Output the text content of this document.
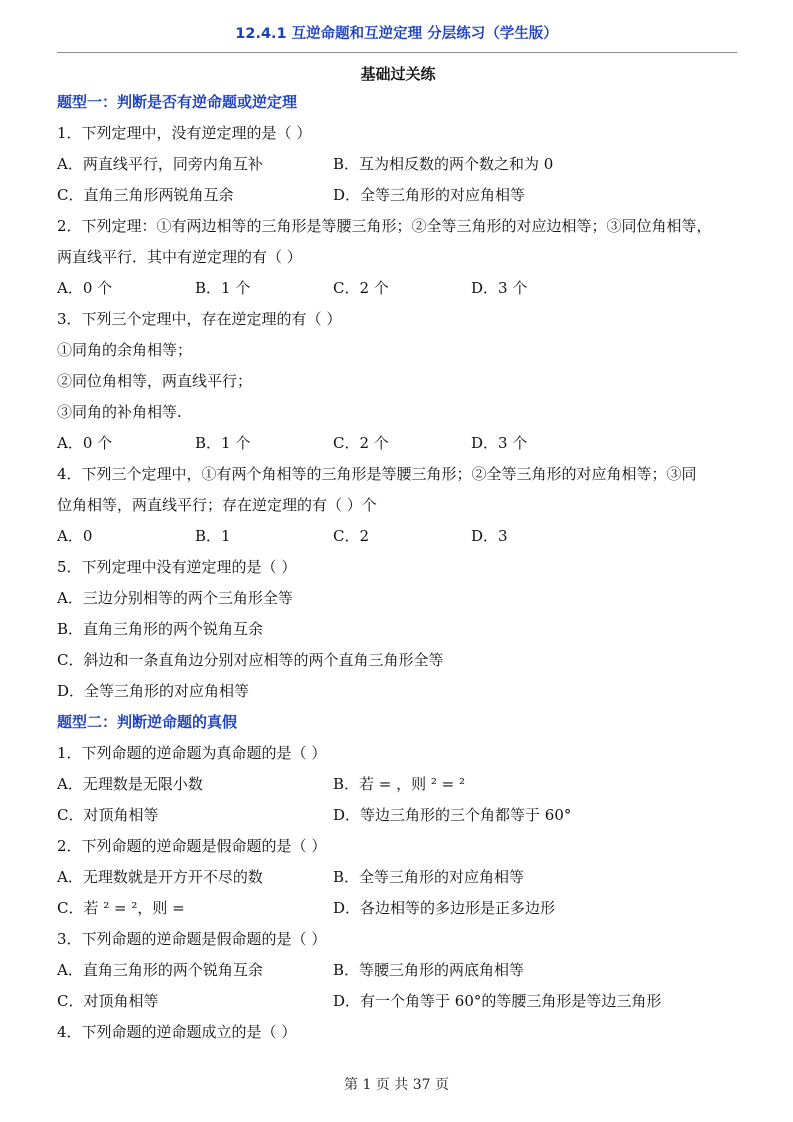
12.4.1 互逆命题和互逆定理 分层练习（学生版）
基础过关练
题型一：判断是否有逆命题或逆定理
1．下列定理中，没有逆定理的是（ ）
A．两直线平行，同旁内角互补	B．互为相反数的两个数之和为 0
C．直角三角形两锐角互余	D．全等三角形的对应角相等
2．下列定理：①有两边相等的三角形是等腰三角形；②全等三角形的对应边相等；③同位角相等，
两直线平行．其中有逆定理的有（ ）
A．0 个	B．1 个	C．2 个	D．3 个
3．下列三个定理中，存在逆定理的有（ ）
①同角的余角相等；
②同位角相等，两直线平行；
③同角的补角相等.
A．0 个	B．1 个	C．2 个	D．3 个
4．下列三个定理中，①有两个角相等的三角形是等腰三角形；②全等三角形的对应角相等；③同
位角相等，两直线平行；存在逆定理的有（ ）个
A．0	B．1	C．2	D．3
5．下列定理中没有逆定理的是（ ）
A．三边分别相等的两个三角形全等
B．直角三角形的两个锐角互余
C．斜边和一条直角边分别对应相等的两个直角三角形全等
D．全等三角形的对应角相等
题型二：判断逆命题的真假
1．下列命题的逆命题为真命题的是（ ）
A．无理数是无限小数	B．若 = ，则 ² = ²
C．对顶角相等	D．等边三角形的三个角都等于 60°
2．下列命题的逆命题是假命题的是（ ）
A．无理数就是开方开不尽的数	B．全等三角形的对应角相等
C．若 ² = ²，则 =	D．各边相等的多边形是正多边形
3．下列命题的逆命题是假命题的是（ ）
A．直角三角形的两个锐角互余	B．等腰三角形的两底角相等
C．对顶角相等	D．有一个角等于 60°的等腰三角形是等边三角形
4．下列命题的逆命题成立的是（ ）
第 1 页 共 37 页
